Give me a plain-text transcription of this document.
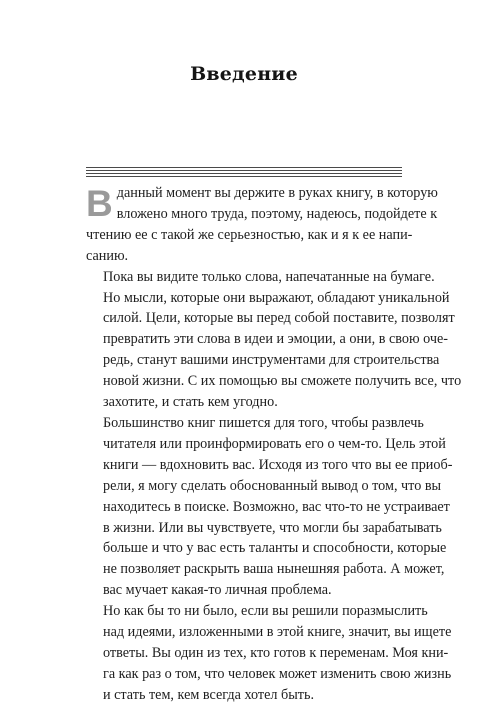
Введение

В данный момент вы держите в руках книгу, в которую
вложено много труда, поэтому, надеюсь, подойдете к
чтению ее с такой же серьезностью, как и я к ее напи-
санию.

Пока вы видите только слова, напечатанные на бумаге.
Но мысли, которые они выражают, обладают уникальной
силой. Цели, которые вы перед собой поставите, позволят
превратить эти слова в идеи и эмоции, а они, в свою оче-
редь, станут вашими инструментами для строительства
новой жизни. С их помощью вы сможете получить все, что
захотите, и стать кем угодно.

Большинство книг пишется для того, чтобы развлечь
читателя или проинформировать его о чем-то. Цель этой
книги — вдохновить вас. Исходя из того что вы ее приоб-
рели, я могу сделать обоснованный вывод о том, что вы
находитесь в поиске. Возможно, вас что-то не устраивает
в жизни. Или вы чувствуете, что могли бы зарабатывать
больше и что у вас есть таланты и способности, которые
не позволяет раскрыть ваша нынешняя работа. А может,
вас мучает какая-то личная проблема.

Но как бы то ни было, если вы решили поразмыслить
над идеями, изложенными в этой книге, значит, вы ищете
ответы. Вы один из тех, кто готов к переменам. Моя кни-
га как раз о том, что человек может изменить свою жизнь
и стать тем, кем всегда хотел быть.
